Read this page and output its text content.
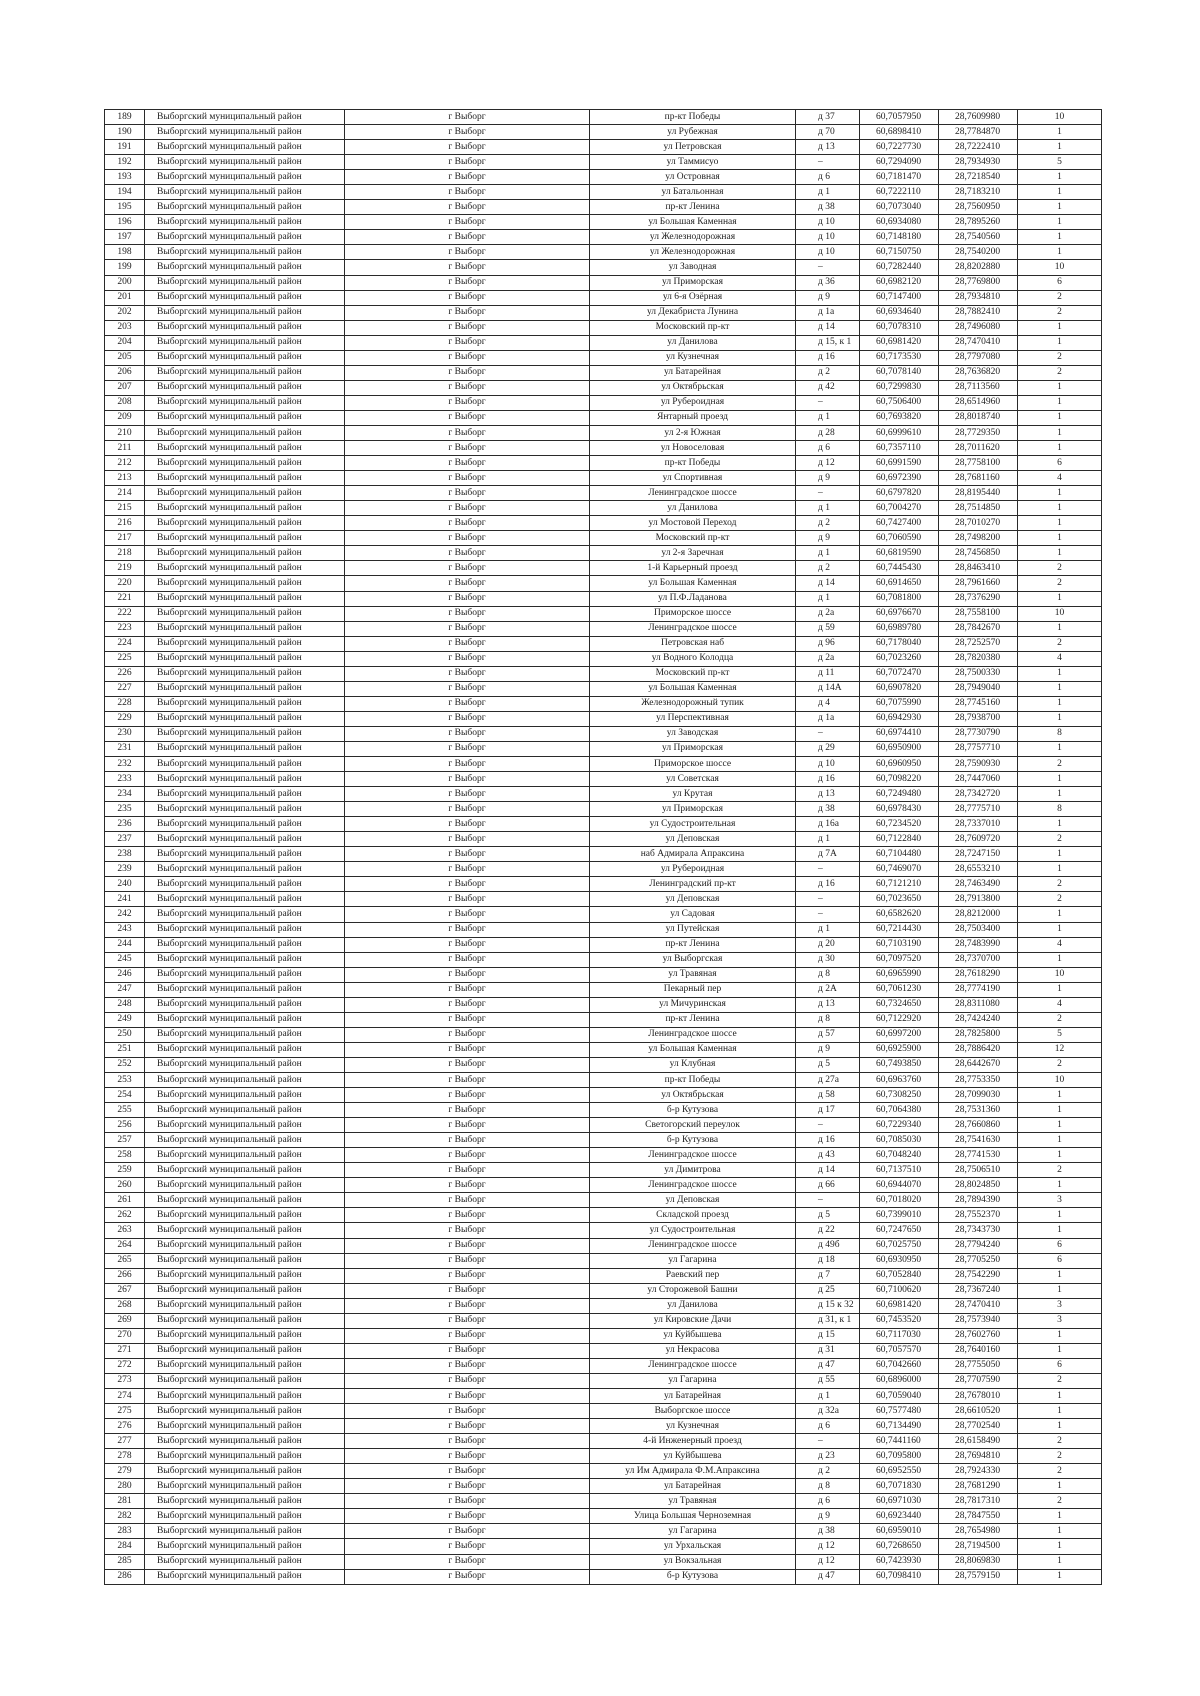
189	Выборгский муниципальный район	г Выборг	пр-кт Победы	д 37	60,7057950	28,7609980	10
190	Выборгский муниципальный район	г Выборг	ул Рубежная	д 70	60,6898410	28,7784870	1
191	Выборгский муниципальный район	г Выборг	ул Петровская	д 13	60,7227730	28,7222410	1
192	Выборгский муниципальный район	г Выборг	ул Таммисуо	–	60,7294090	28,7934930	5
193	Выборгский муниципальный район	г Выборг	ул Островная	д 6	60,7181470	28,7218540	1
194	Выборгский муниципальный район	г Выборг	ул Батальонная	д 1	60,7222110	28,7183210	1
195	Выборгский муниципальный район	г Выборг	пр-кт Ленина	д 38	60,7073040	28,7560950	1
196	Выборгский муниципальный район	г Выборг	ул Большая Каменная	д 10	60,6934080	28,7895260	1
197	Выборгский муниципальный район	г Выборг	ул Железнодорожная	д 10	60,7148180	28,7540560	1
198	Выборгский муниципальный район	г Выборг	ул Железнодорожная	д 10	60,7150750	28,7540200	1
199	Выборгский муниципальный район	г Выборг	ул Заводная	–	60,7282440	28,8202880	10
200	Выборгский муниципальный район	г Выборг	ул Приморская	д 36	60,6982120	28,7769800	6
201	Выборгский муниципальный район	г Выборг	ул 6-я Озёрная	д 9	60,7147400	28,7934810	2
202	Выборгский муниципальный район	г Выборг	ул Декабриста Лунина	д 1а	60,6934640	28,7882410	2
203	Выборгский муниципальный район	г Выборг	Московский пр-кт	д 14	60,7078310	28,7496080	1
204	Выборгский муниципальный район	г Выборг	ул Данилова	д 15, к 1	60,6981420	28,7470410	1
205	Выборгский муниципальный район	г Выборг	ул Кузнечная	д 16	60,7173530	28,7797080	2
206	Выборгский муниципальный район	г Выборг	ул Батарейная	д 2	60,7078140	28,7636820	2
207	Выборгский муниципальный район	г Выборг	ул Октябрьская	д 42	60,7299830	28,7113560	1
208	Выборгский муниципальный район	г Выборг	ул Рубероидная	–	60,7506400	28,6514960	1
209	Выборгский муниципальный район	г Выборг	Янтарный проезд	д 1	60,7693820	28,8018740	1
210	Выборгский муниципальный район	г Выборг	ул 2-я Южная	д 28	60,6999610	28,7729350	1
211	Выборгский муниципальный район	г Выборг	ул Новоселовая	д 6	60,7357110	28,7011620	1
212	Выборгский муниципальный район	г Выборг	пр-кт Победы	д 12	60,6991590	28,7758100	6
213	Выборгский муниципальный район	г Выборг	ул Спортивная	д 9	60,6972390	28,7681160	4
214	Выборгский муниципальный район	г Выборг	Ленинградское шоссе	–	60,6797820	28,8195440	1
215	Выборгский муниципальный район	г Выборг	ул Данилова	д 1	60,7004270	28,7514850	1
216	Выборгский муниципальный район	г Выборг	ул Мостовой Переход	д 2	60,7427400	28,7010270	1
217	Выборгский муниципальный район	г Выборг	Московский пр-кт	д 9	60,7060590	28,7498200	1
218	Выборгский муниципальный район	г Выборг	ул 2-я Заречная	д 1	60,6819590	28,7456850	1
219	Выборгский муниципальный район	г Выборг	1-й Карьерный проезд	д 2	60,7445430	28,8463410	2
220	Выборгский муниципальный район	г Выборг	ул Большая Каменная	д 14	60,6914650	28,7961660	2
221	Выборгский муниципальный район	г Выборг	ул П.Ф.Ладанова	д 1	60,7081800	28,7376290	1
222	Выборгский муниципальный район	г Выборг	Приморское шоссе	д 2а	60,6976670	28,7558100	10
223	Выборгский муниципальный район	г Выборг	Ленинградское шоссе	д 59	60,6989780	28,7842670	1
224	Выборгский муниципальный район	г Выборг	Петровская наб	д 96	60,7178040	28,7252570	2
225	Выборгский муниципальный район	г Выборг	ул Водного Колодца	д 2а	60,7023260	28,7820380	4
226	Выборгский муниципальный район	г Выборг	Московский пр-кт	д 11	60,7072470	28,7500330	1
227	Выборгский муниципальный район	г Выборг	ул Большая Каменная	д 14А	60,6907820	28,7949040	1
228	Выборгский муниципальный район	г Выборг	Железнодорожный тупик	д 4	60,7075990	28,7745160	1
229	Выборгский муниципальный район	г Выборг	ул Перспективная	д 1а	60,6942930	28,7938700	1
230	Выборгский муниципальный район	г Выборг	ул Заводская	–	60,6974410	28,7730790	8
231	Выборгский муниципальный район	г Выборг	ул Приморская	д 29	60,6950900	28,7757710	1
232	Выборгский муниципальный район	г Выборг	Приморское шоссе	д 10	60,6960950	28,7590930	2
233	Выборгский муниципальный район	г Выборг	ул Советская	д 16	60,7098220	28,7447060	1
234	Выборгский муниципальный район	г Выборг	ул Крутая	д 13	60,7249480	28,7342720	1
235	Выборгский муниципальный район	г Выборг	ул Приморская	д 38	60,6978430	28,7775710	8
236	Выборгский муниципальный район	г Выборг	ул Судостроительная	д 16а	60,7234520	28,7337010	1
237	Выборгский муниципальный район	г Выборг	ул Деповская	д 1	60,7122840	28,7609720	2
238	Выборгский муниципальный район	г Выборг	наб Адмирала Апраксина	д 7А	60,7104480	28,7247150	1
239	Выборгский муниципальный район	г Выборг	ул Рубероидная	–	60,7469070	28,6553210	1
240	Выборгский муниципальный район	г Выборг	Ленинградский пр-кт	д 16	60,7121210	28,7463490	2
241	Выборгский муниципальный район	г Выборг	ул Деповская	–	60,7023650	28,7913800	2
242	Выборгский муниципальный район	г Выборг	ул Садовая	–	60,6582620	28,8212000	1
243	Выборгский муниципальный район	г Выборг	ул Путейская	д 1	60,7214430	28,7503400	1
244	Выборгский муниципальный район	г Выборг	пр-кт Ленина	д 20	60,7103190	28,7483990	4
245	Выборгский муниципальный район	г Выборг	ул Выборгская	д 30	60,7097520	28,7370700	1
246	Выборгский муниципальный район	г Выборг	ул Травяная	д 8	60,6965990	28,7618290	10
247	Выборгский муниципальный район	г Выборг	Пекарный пер	д 2А	60,7061230	28,7774190	1
248	Выборгский муниципальный район	г Выборг	ул Мичуринская	д 13	60,7324650	28,8311080	4
249	Выборгский муниципальный район	г Выборг	пр-кт Ленина	д 8	60,7122920	28,7424240	2
250	Выборгский муниципальный район	г Выборг	Ленинградское шоссе	д 57	60,6997200	28,7825800	5
251	Выборгский муниципальный район	г Выборг	ул Большая Каменная	д 9	60,6925900	28,7886420	12
252	Выборгский муниципальный район	г Выборг	ул Клубная	д 5	60,7493850	28,6442670	2
253	Выборгский муниципальный район	г Выборг	пр-кт Победы	д 27а	60,6963760	28,7753350	10
254	Выборгский муниципальный район	г Выборг	ул Октябрьская	д 58	60,7308250	28,7099030	1
255	Выборгский муниципальный район	г Выборг	б-р Кутузова	д 17	60,7064380	28,7531360	1
256	Выборгский муниципальный район	г Выборг	Светогорский переулок	–	60,7229340	28,7660860	1
257	Выборгский муниципальный район	г Выборг	б-р Кутузова	д 16	60,7085030	28,7541630	1
258	Выборгский муниципальный район	г Выборг	Ленинградское шоссе	д 43	60,7048240	28,7741530	1
259	Выборгский муниципальный район	г Выборг	ул Димитрова	д 14	60,7137510	28,7506510	2
260	Выборгский муниципальный район	г Выборг	Ленинградское шоссе	д 66	60,6944070	28,8024850	1
261	Выборгский муниципальный район	г Выборг	ул Деповская	–	60,7018020	28,7894390	3
262	Выборгский муниципальный район	г Выборг	Складской проезд	д 5	60,7399010	28,7552370	1
263	Выборгский муниципальный район	г Выборг	ул Судостроительная	д 22	60,7247650	28,7343730	1
264	Выборгский муниципальный район	г Выборг	Ленинградское шоссе	д 49б	60,7025750	28,7794240	6
265	Выборгский муниципальный район	г Выборг	ул Гагарина	д 18	60,6930950	28,7705250	6
266	Выборгский муниципальный район	г Выборг	Раевский пер	д 7	60,7052840	28,7542290	1
267	Выборгский муниципальный район	г Выборг	ул Сторожевой Башни	д 25	60,7100620	28,7367240	1
268	Выборгский муниципальный район	г Выборг	ул Данилова	д 15 к 32	60,6981420	28,7470410	3
269	Выборгский муниципальный район	г Выборг	ул Кировские Дачи	д 31, к 1	60,7453520	28,7573940	3
270	Выборгский муниципальный район	г Выборг	ул Куйбышева	д 15	60,7117030	28,7602760	1
271	Выборгский муниципальный район	г Выборг	ул Некрасова	д 31	60,7057570	28,7640160	1
272	Выборгский муниципальный район	г Выборг	Ленинградское шоссе	д 47	60,7042660	28,7755050	6
273	Выборгский муниципальный район	г Выборг	ул Гагарина	д 55	60,6896000	28,7707590	2
274	Выборгский муниципальный район	г Выборг	ул Батарейная	д 1	60,7059040	28,7678010	1
275	Выборгский муниципальный район	г Выборг	Выборгское шоссе	д 32а	60,7577480	28,6610520	1
276	Выборгский муниципальный район	г Выборг	ул Кузнечная	д 6	60,7134490	28,7702540	1
277	Выборгский муниципальный район	г Выборг	4-й Инженерный проезд	–	60,7441160	28,6158490	2
278	Выборгский муниципальный район	г Выборг	ул Куйбышева	д 23	60,7095800	28,7694810	2
279	Выборгский муниципальный район	г Выборг	ул Им Адмирала Ф.М.Апраксина	д 2	60,6952550	28,7924330	2
280	Выборгский муниципальный район	г Выборг	ул Батарейная	д 8	60,7071830	28,7681290	1
281	Выборгский муниципальный район	г Выборг	ул Травяная	д 6	60,6971030	28,7817310	2
282	Выборгский муниципальный район	г Выборг	Улица Большая Черноземная	д 9	60,6923440	28,7847550	1
283	Выборгский муниципальный район	г Выборг	ул Гагарина	д 38	60,6959010	28,7654980	1
284	Выборгский муниципальный район	г Выборг	ул Урхальская	д 12	60,7268650	28,7194500	1
285	Выборгский муниципальный район	г Выборг	ул Вокзальная	д 12	60,7423930	28,8069830	1
286	Выборгский муниципальный район	г Выборг	б-р Кутузова	д 47	60,7098410	28,7579150	1
